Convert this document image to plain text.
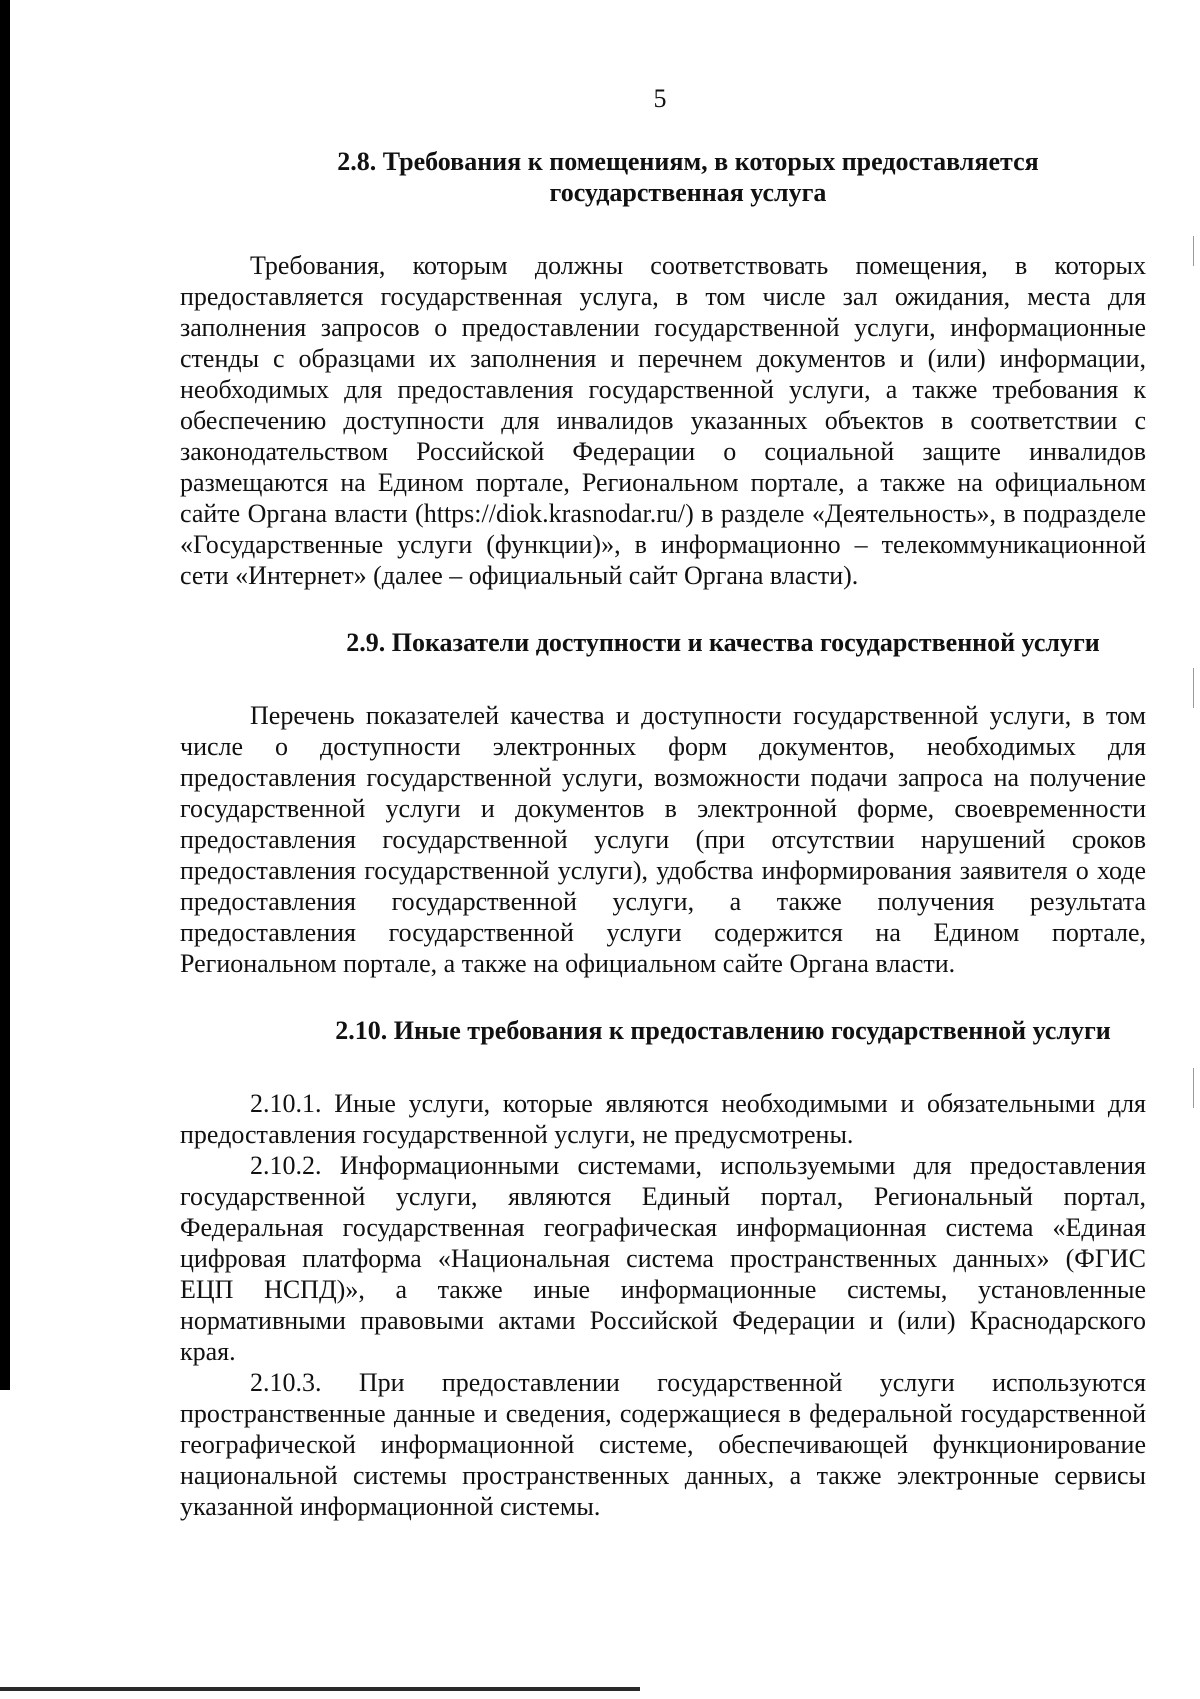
5
2.8. Требования к помещениям, в которых предоставляется
государственная услуга

Требования, которым должны соответствовать помещения, в которых предоставляется государственная услуга, в том числе зал ожидания, места для заполнения запросов о предоставлении государственной услуги, информационные стенды с образцами их заполнения и перечнем документов и (или) информации, необходимых для предоставления государственной услуги, а также требования к обеспечению доступности для инвалидов указанных объектов в соответствии с законодательством Российской Федерации о социальной защите инвалидов размещаются на Едином портале, Региональном портале, а также на официальном сайте Органа власти (https://diok.krasnodar.ru/) в разделе «Деятельность», в подразделе «Государственные услуги (функции)», в информационно – телекоммуникационной сети «Интернет» (далее – официальный сайт Органа власти).

2.9. Показатели доступности и качества государственной услуги

Перечень показателей качества и доступности государственной услуги, в том числе о доступности электронных форм документов, необходимых для предоставления государственной услуги, возможности подачи запроса на получение государственной услуги и документов в электронной форме, своевременности предоставления государственной услуги (при отсутствии нарушений сроков предоставления государственной услуги), удобства информирования заявителя о ходе предоставления государственной услуги, а также получения результата предоставления государственной услуги содержится на Едином портале, Региональном портале, а также на официальном сайте Органа власти.

2.10. Иные требования к предоставлению государственной услуги

2.10.1. Иные услуги, которые являются необходимыми и обязательными для предоставления государственной услуги, не предусмотрены.

2.10.2. Информационными системами, используемыми для предоставления государственной услуги, являются Единый портал, Региональный портал, Федеральная государственная географическая информационная система «Единая цифровая платформа «Национальная система пространственных данных» (ФГИС ЕЦП НСПД)», а также иные информационные системы, установленные нормативными правовыми актами Российской Федерации и (или) Краснодарского края.

2.10.3. При предоставлении государственной услуги используются пространственные данные и сведения, содержащиеся в федеральной государственной географической информационной системе, обеспечивающей функционирование национальной системы пространственных данных, а также электронные сервисы указанной информационной системы.
